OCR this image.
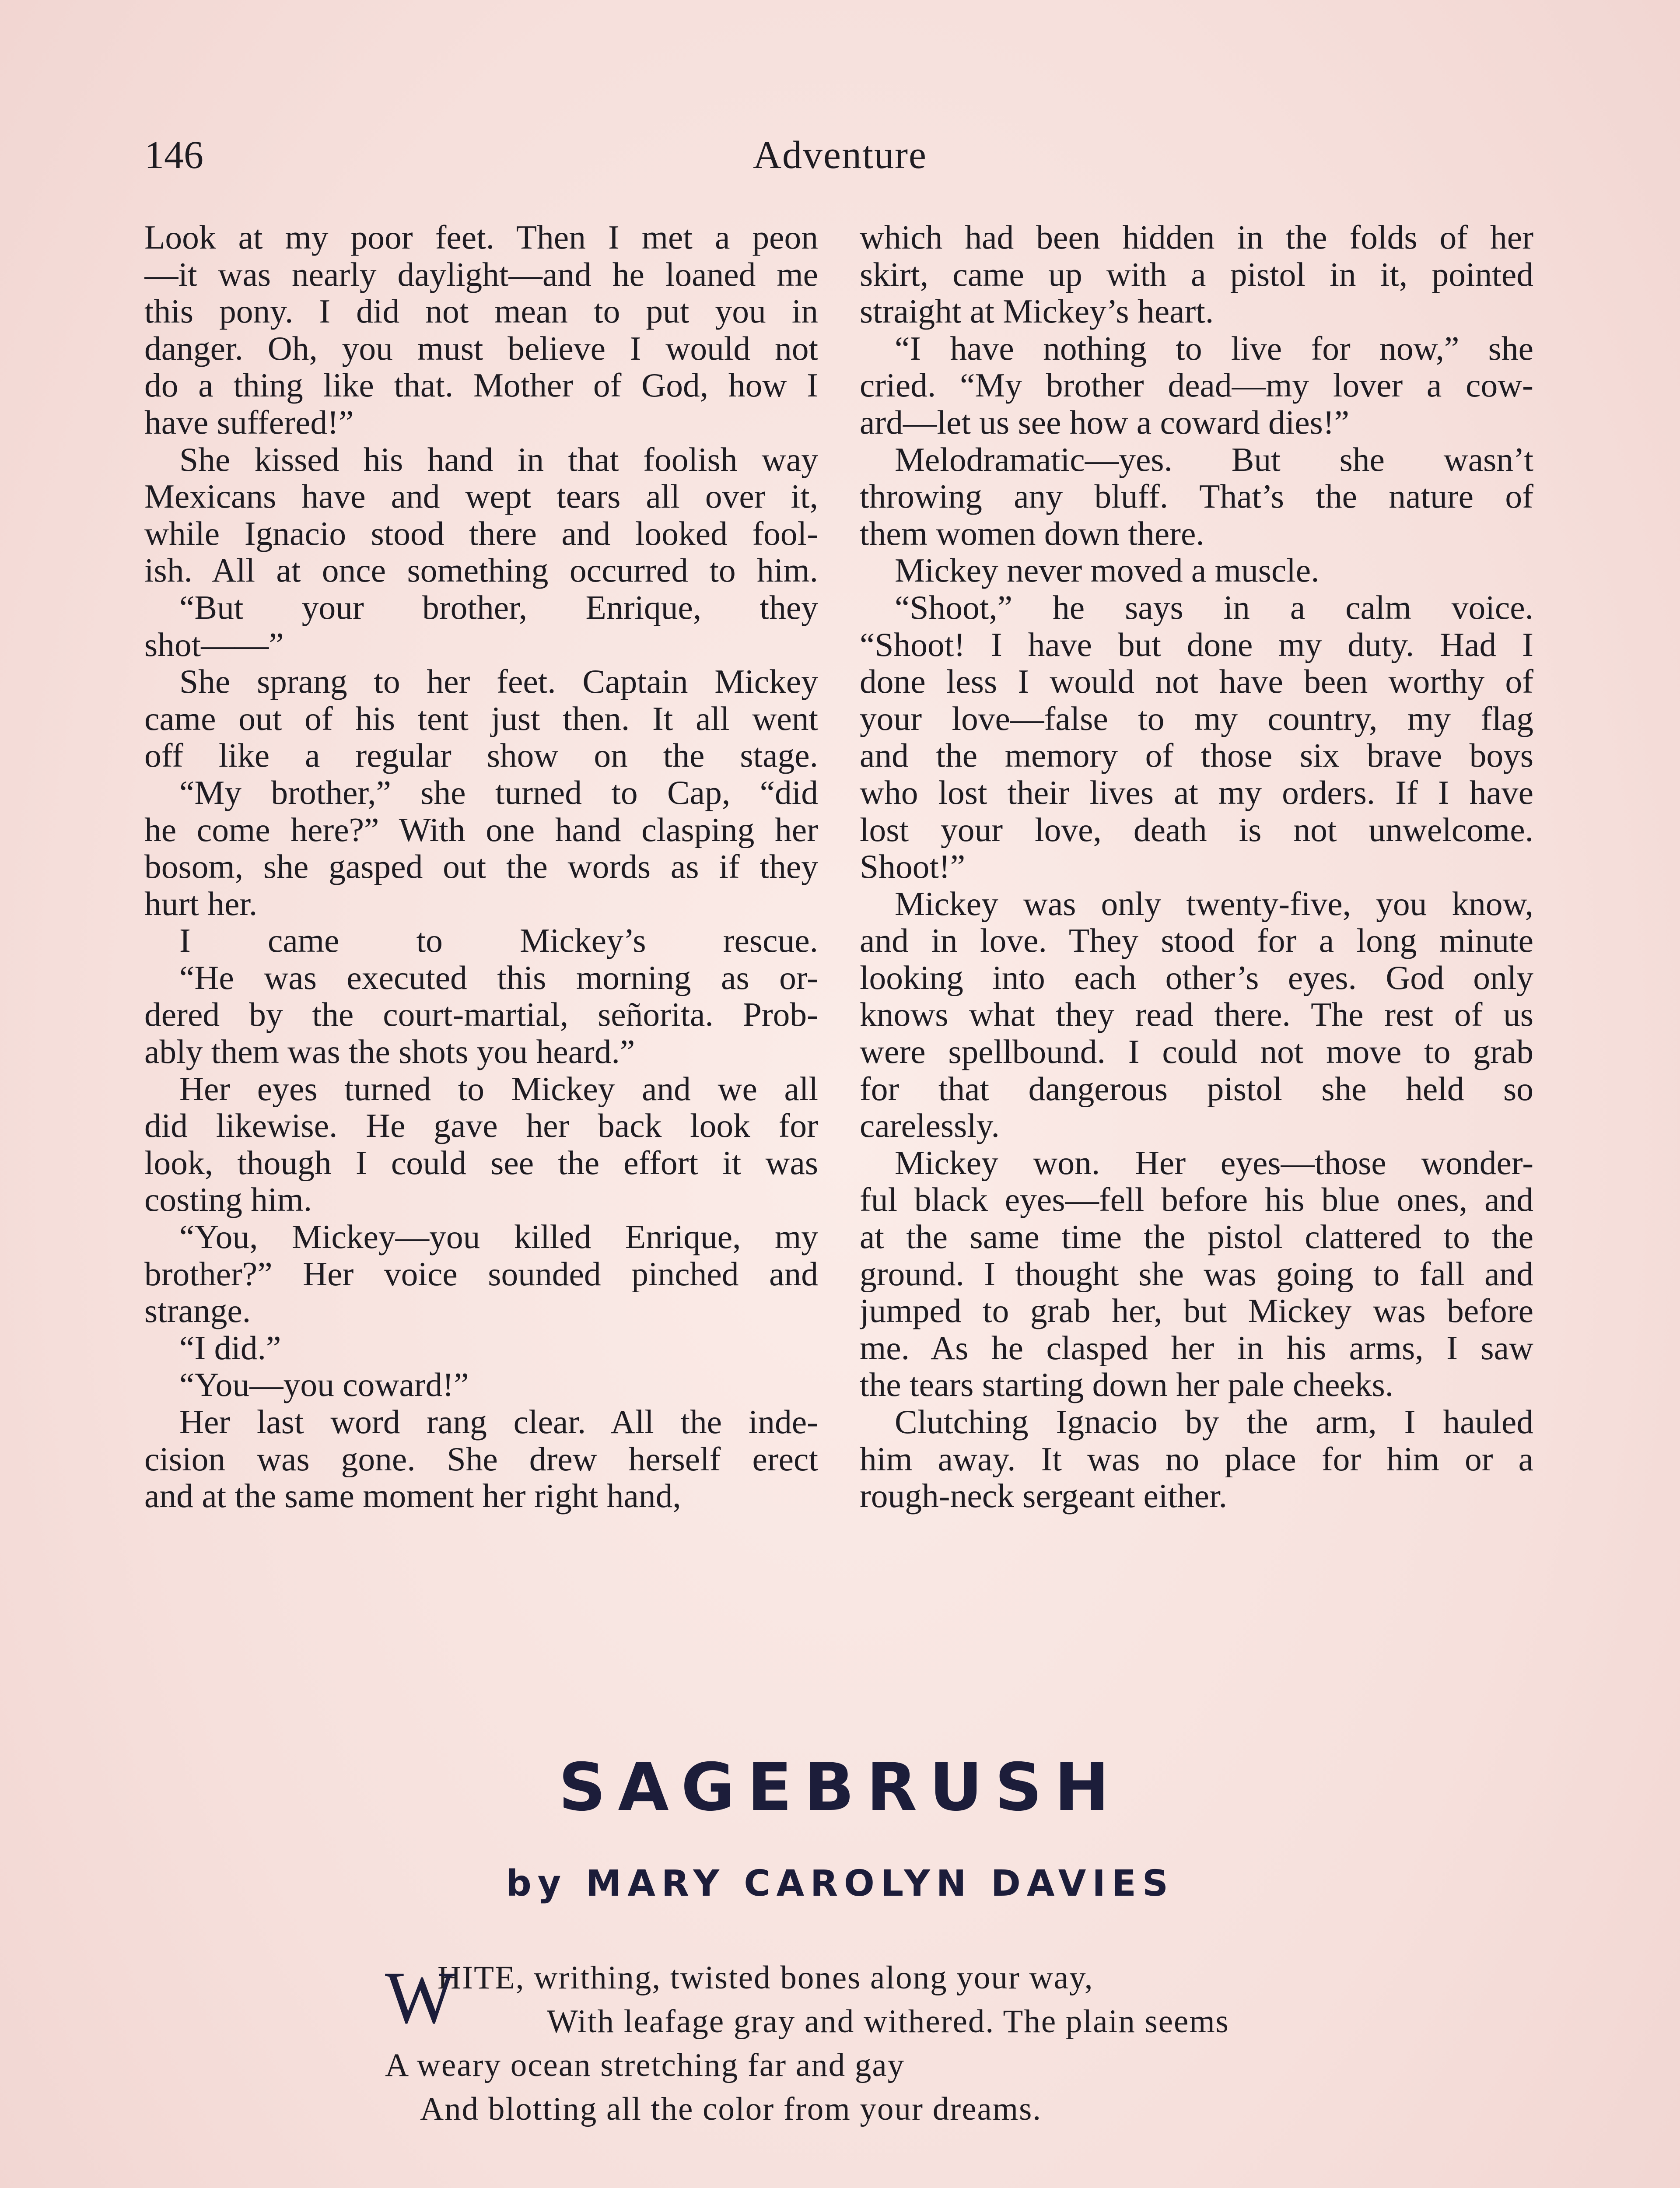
146	Adventure
Look at my poor feet. Then I met a peon
—it was nearly daylight—and he loaned me
this pony. I did not mean to put you in
danger. Oh, you must believe I would not
do a thing like that. Mother of God, how I
have suffered!”
She kissed his hand in that foolish way
Mexicans have and wept tears all over it,
while Ignacio stood there and looked fool-
ish. All at once something occurred to him.
“But your brother, Enrique, they
shot——”
She sprang to her feet. Captain Mickey
came out of his tent just then. It all went
off like a regular show on the stage.
“My brother,” she turned to Cap, “did
he come here?” With one hand clasping her
bosom, she gasped out the words as if they
hurt her.
I came to Mickey’s rescue.
“He was executed this morning as or-
dered by the court-martial, señorita. Prob-
ably them was the shots you heard.”
Her eyes turned to Mickey and we all
did likewise. He gave her back look for
look, though I could see the effort it was
costing him.
“You, Mickey—you killed Enrique, my
brother?” Her voice sounded pinched and
strange.
“I did.”
“You—you coward!”
Her last word rang clear. All the inde-
cision was gone. She drew herself erect
and at the same moment her right hand,
which had been hidden in the folds of her
skirt, came up with a pistol in it, pointed
straight at Mickey’s heart.
“I have nothing to live for now,” she
cried. “My brother dead—my lover a cow-
ard—let us see how a coward dies!”
Melodramatic—yes. But she wasn’t
throwing any bluff. That’s the nature of
them women down there.
Mickey never moved a muscle.
“Shoot,” he says in a calm voice.
“Shoot! I have but done my duty. Had I
done less I would not have been worthy of
your love—false to my country, my flag
and the memory of those six brave boys
who lost their lives at my orders. If I have
lost your love, death is not unwelcome.
Shoot!”
Mickey was only twenty-five, you know,
and in love. They stood for a long minute
looking into each other’s eyes. God only
knows what they read there. The rest of us
were spellbound. I could not move to grab
for that dangerous pistol she held so
carelessly.
Mickey won. Her eyes—those wonder-
ful black eyes—fell before his blue ones, and
at the same time the pistol clattered to the
ground. I thought she was going to fall and
jumped to grab her, but Mickey was before
me. As he clasped her in his arms, I saw
the tears starting down her pale cheeks.
Clutching Ignacio by the arm, I hauled
him away. It was no place for him or a
rough-neck sergeant either.
SAGEBRUSH
by MARY CAROLYN DAVIES
W
HITE, writhing, twisted bones along your way,
With leafage gray and withered. The plain seems
A weary ocean stretching far and gay
And blotting all the color from your dreams.
